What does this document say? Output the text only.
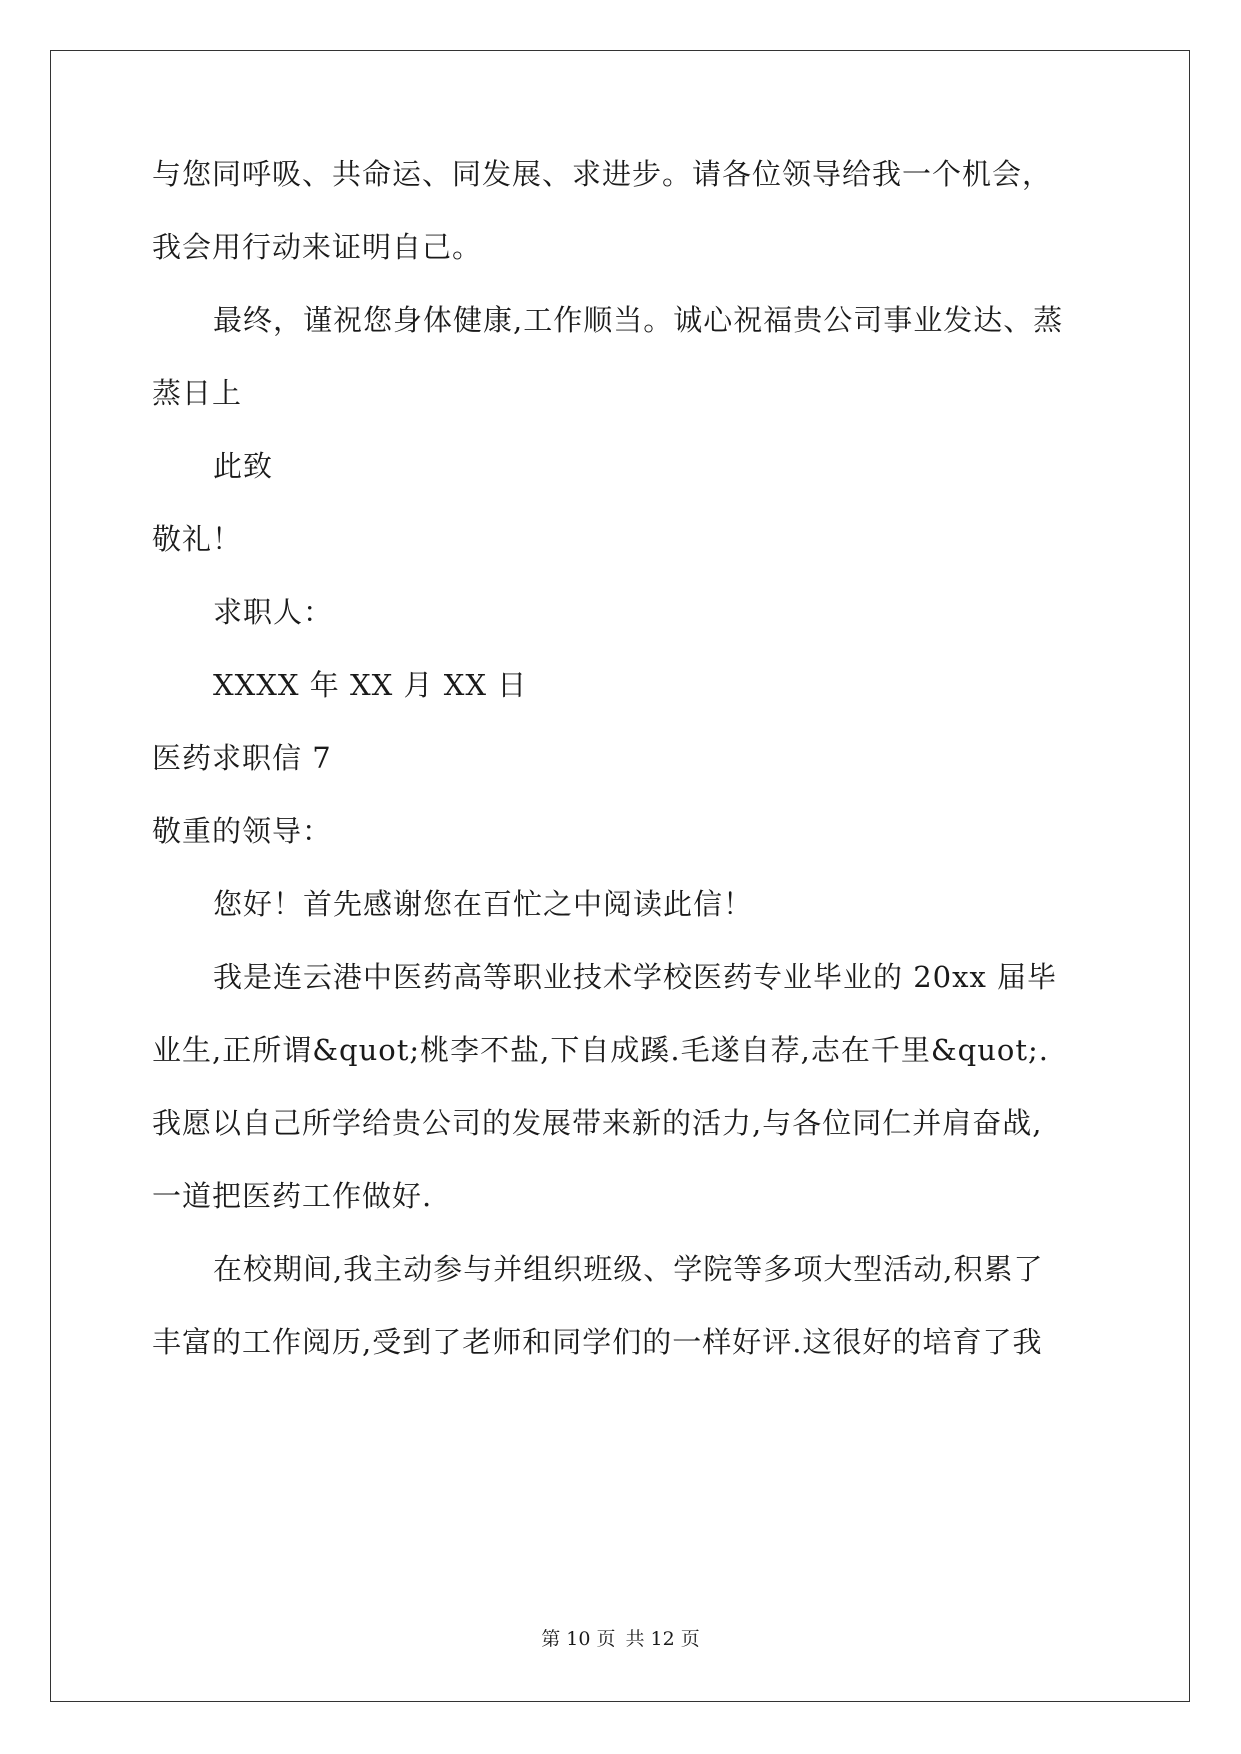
与您同呼吸、共命运、同发展、求进步。请各位领导给我一个机会，
我会用行动来证明自己。
最终，谨祝您身体健康,工作顺当。诚心祝福贵公司事业发达、蒸
蒸日上
此致
敬礼！
求职人：
XXXX 年 XX 月 XX 日
医药求职信 7
敬重的领导：
您好！首先感谢您在百忙之中阅读此信！
我是连云港中医药高等职业技术学校医药专业毕业的 20xx 届毕
业生,正所谓&quot;桃李不盐,下自成蹊.毛遂自荐,志在千里&quot;.
我愿以自己所学给贵公司的发展带来新的活力,与各位同仁并肩奋战,
一道把医药工作做好.
在校期间,我主动参与并组织班级、学院等多项大型活动,积累了
丰富的工作阅历,受到了老师和同学们的一样好评.这很好的培育了我
第 10 页 共 12 页
